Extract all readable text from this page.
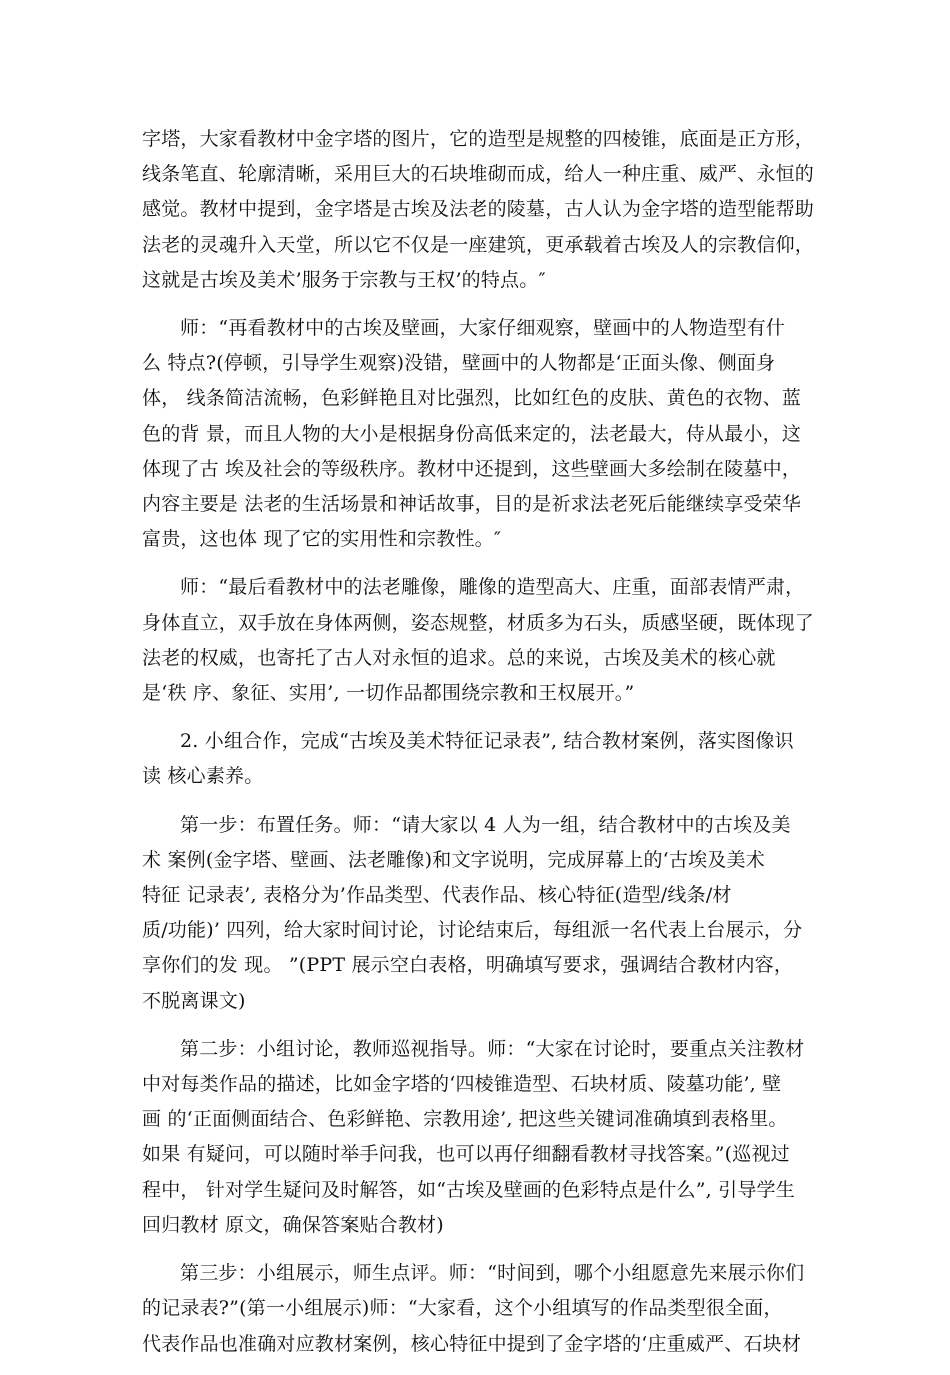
字塔，大家看教材中金字塔的图片，它的造型是规整的四棱锥，底面是正方形，
线条笔直、轮廓清晰，采用巨大的石块堆砌而成，给人一种庄重、威严、永恒的
感觉。教材中提到，金字塔是古埃及法老的陵墓，古人认为金字塔的造型能帮助
法老的灵魂升入天堂，所以它不仅是一座建筑，更承载着古埃及人的宗教信仰，
这就是古埃及美术’服务于宗教与王权’的特点。″

师：“再看教材中的古埃及壁画，大家仔细观察，壁画中的人物造型有什
么 特点?(停顿，引导学生观察)没错，壁画中的人物都是‘正面头像、侧面身
体， 线条简洁流畅，色彩鲜艳且对比强烈，比如红色的皮肤、黄色的衣物、蓝
色的背 景，而且人物的大小是根据身份高低来定的，法老最大，侍从最小，这
体现了古 埃及社会的等级秩序。教材中还提到，这些壁画大多绘制在陵墓中，
内容主要是 法老的生活场景和神话故事，目的是祈求法老死后能继续享受荣华
富贵，这也体 现了它的实用性和宗教性。″

师：“最后看教材中的法老雕像，雕像的造型高大、庄重，面部表情严肃，
身体直立，双手放在身体两侧，姿态规整，材质多为石头，质感坚硬，既体现了
法老的权威，也寄托了古人对永恒的追求。总的来说，古埃及美术的核心就
是‘秩 序、象征、实用’, 一切作品都围绕宗教和王权展开。”

2. 小组合作，完成“古埃及美术特征记录表”, 结合教材案例，落实图像识
读 核心素养。

第一步：布置任务。师：“请大家以 4 人为一组，结合教材中的古埃及美
术 案例(金字塔、壁画、法老雕像)和文字说明，完成屏幕上的‘古埃及美术
特征 记录表’, 表格分为’作品类型、代表作品、核心特征(造型/线条/材
质/功能)’ 四列，给大家时间讨论，讨论结束后，每组派一名代表上台展示，分
享你们的发 现。 ”(PPT 展示空白表格，明确填写要求，强调结合教材内容，
不脱离课文)

第二步：小组讨论，教师巡视指导。师：“大家在讨论时，要重点关注教材
中对每类作品的描述，比如金字塔的‘四棱锥造型、石块材质、陵墓功能’, 壁
画 的‘正面侧面结合、色彩鲜艳、宗教用途’, 把这些关键词准确填到表格里。
如果 有疑问，可以随时举手问我，也可以再仔细翻看教材寻找答案。”(巡视过
程中， 针对学生疑问及时解答，如“古埃及壁画的色彩特点是什么”, 引导学生
回归教材 原文，确保答案贴合教材)

第三步：小组展示，师生点评。师：“时间到，哪个小组愿意先来展示你们
的记录表?”(第一小组展示)师：“大家看，这个小组填写的作品类型很全面，
代表作品也准确对应教材案例，核心特征中提到了金字塔的‘庄重威严、石块材
